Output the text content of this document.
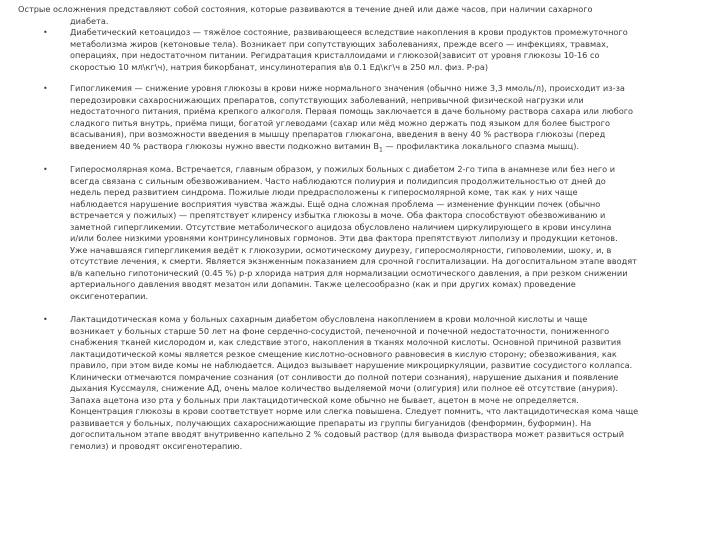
Острые осложнения представляют собой состояния, которые развиваются в течение дней или даже часов, при наличии сахарного
диабета.
•	Диабетический кетоацидоз — тяжёлое состояние, развивающееся вследствие накопления в крови продуктов промежуточного
метаболизма жиров (кетоновые тела). Возникает при сопутствующих заболеваниях, прежде всего — инфекциях, травмах,
операциях, при недостаточном питании. Регидратация кристаллоидами и глюкозой(зависит от уровня глюкозы 10-16 со
скоростью 10 мл\кг\ч), натрия бикорбанат, инсулинотерапия в\в 0.1 Ед\кг\ч в 250 мл. физ. Р-ра)
•	Гипогликемия — снижение уровня глюкозы в крови ниже нормального значения (обычно ниже 3,3 ммоль/л), происходит из-за
передозировки сахароснижающих препаратов, сопутствующих заболеваний, непривычной физической нагрузки или
недостаточного питания, приёма крепкого алкоголя. Первая помощь заключается в даче больному раствора сахара или любого
сладкого питья внутрь, приёма пищи, богатой углеводами (сахар или мёд можно держать под языком для более быстрого
всасывания), при возможности введения в мышцу препаратов глюкагона, введения в вену 40 % раствора глюкозы (перед
введением 40 % раствора глюкозы нужно ввести подкожно витамин $В_1$ — профилактика локального спазма мышц).
•	Гиперосмолярная кома. Встречается, главным образом, у пожилых больных с диабетом 2-го типа в анамнезе или без него и
всегда связана с сильным обезвоживанием. Часто наблюдаются полиурия и полидипсия продолжительностью от дней до
недель перед развитием синдрома. Пожилые люди предрасположены к гиперосмолярной коме, так как у них чаще
наблюдается нарушение восприятия чувства жажды. Ещё одна сложная проблема — изменение функции почек (обычно
встречается у пожилых) — препятствует клиренсу избытка глюкозы в моче. Оба фактора способствуют обезвоживанию и
заметной гипергликемии. Отсутствие метаболического ацидоза обусловлено наличием циркулирующего в крови инсулина
и/или более низкими уровнями контринсулиновых гормонов. Эти два фактора препятствуют липолизу и продукции кетонов.
Уже начавшаяся гипергликемия ведёт к глюкозурии, осмотическому диурезу, гиперосмолярности, гиповолемии, шоку, и, в
отсутствие лечения, к смерти. Является экзнженным показанием для срочной госпитализации. На догоспитальном этапе вводят
в/в капельно гипотонический (0.45 %) р-р хлорида натрия для нормализации осмотического давления, а при резком снижении
артериального давления вводят мезатон или допамин. Также целесообразно (как и при других комах) проведение
оксигенотерапии.
•	Лактацидотическая кома у больных сахарным диабетом обусловлена накоплением в крови молочной кислоты и чаще
возникает у больных старше 50 лет на фоне сердечно-сосудистой, печеночной и почечной недостаточности, пониженного
снабжения тканей кислородом и, как следствие этого, накопления в тканях молочной кислоты. Основной причиной развития
лактацидотической комы является резкое смещение кислотно-основного равновесия в кислую сторону; обезвоживания, как
правило, при этом виде комы не наблюдается. Ацидоз вызывает нарушение микроциркуляции, развитие сосудистого коллапса.
Клинически отмечаются помрачение сознания (от сонливости до полной потери сознания), нарушение дыхания и появление
дыхания Куссмауля, снижение АД, очень малое количество выделяемой мочи (олигурия) или полное её отсутствие (анурия).
Запаха ацетона изо рта у больных при лактацидотической коме обычно не бывает, ацетон в моче не определяется.
Концентрация глюкозы в крови соответствует норме или слегка повышена. Следует помнить, что лактацидотическая кома чаще
развивается у больных, получающих сахароснижающие препараты из группы бигуанидов (фенформин, буформин). На
догоспитальном этапе вводят внутривенно капельно 2 % содовый раствор (для вывода физраствора может развиться острый
гемолиз) и проводят оксигенотерапию.
